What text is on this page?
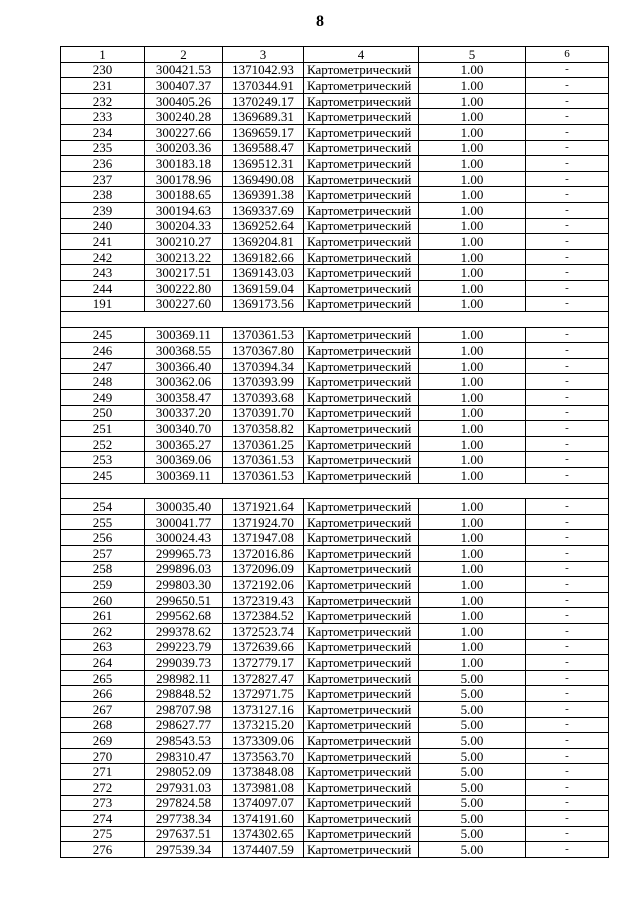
8
1	2	3	4	5	6
230	300421.53	1371042.93	Картометрический	1.00	-
231	300407.37	1370344.91	Картометрический	1.00	-
232	300405.26	1370249.17	Картометрический	1.00	-
233	300240.28	1369689.31	Картометрический	1.00	-
234	300227.66	1369659.17	Картометрический	1.00	-
235	300203.36	1369588.47	Картометрический	1.00	-
236	300183.18	1369512.31	Картометрический	1.00	-
237	300178.96	1369490.08	Картометрический	1.00	-
238	300188.65	1369391.38	Картометрический	1.00	-
239	300194.63	1369337.69	Картометрический	1.00	-
240	300204.33	1369252.64	Картометрический	1.00	-
241	300210.27	1369204.81	Картометрический	1.00	-
242	300213.22	1369182.66	Картометрический	1.00	-
243	300217.51	1369143.03	Картометрический	1.00	-
244	300222.80	1369159.04	Картометрический	1.00	-
191	300227.60	1369173.56	Картометрический	1.00	-

245	300369.11	1370361.53	Картометрический	1.00	-
246	300368.55	1370367.80	Картометрический	1.00	-
247	300366.40	1370394.34	Картометрический	1.00	-
248	300362.06	1370393.99	Картометрический	1.00	-
249	300358.47	1370393.68	Картометрический	1.00	-
250	300337.20	1370391.70	Картометрический	1.00	-
251	300340.70	1370358.82	Картометрический	1.00	-
252	300365.27	1370361.25	Картометрический	1.00	-
253	300369.06	1370361.53	Картометрический	1.00	-
245	300369.11	1370361.53	Картометрический	1.00	-

254	300035.40	1371921.64	Картометрический	1.00	-
255	300041.77	1371924.70	Картометрический	1.00	-
256	300024.43	1371947.08	Картометрический	1.00	-
257	299965.73	1372016.86	Картометрический	1.00	-
258	299896.03	1372096.09	Картометрический	1.00	-
259	299803.30	1372192.06	Картометрический	1.00	-
260	299650.51	1372319.43	Картометрический	1.00	-
261	299562.68	1372384.52	Картометрический	1.00	-
262	299378.62	1372523.74	Картометрический	1.00	-
263	299223.79	1372639.66	Картометрический	1.00	-
264	299039.73	1372779.17	Картометрический	1.00	-
265	298982.11	1372827.47	Картометрический	5.00	-
266	298848.52	1372971.75	Картометрический	5.00	-
267	298707.98	1373127.16	Картометрический	5.00	-
268	298627.77	1373215.20	Картометрический	5.00	-
269	298543.53	1373309.06	Картометрический	5.00	-
270	298310.47	1373563.70	Картометрический	5.00	-
271	298052.09	1373848.08	Картометрический	5.00	-
272	297931.03	1373981.08	Картометрический	5.00	-
273	297824.58	1374097.07	Картометрический	5.00	-
274	297738.34	1374191.60	Картометрический	5.00	-
275	297637.51	1374302.65	Картометрический	5.00	-
276	297539.34	1374407.59	Картометрический	5.00	-
